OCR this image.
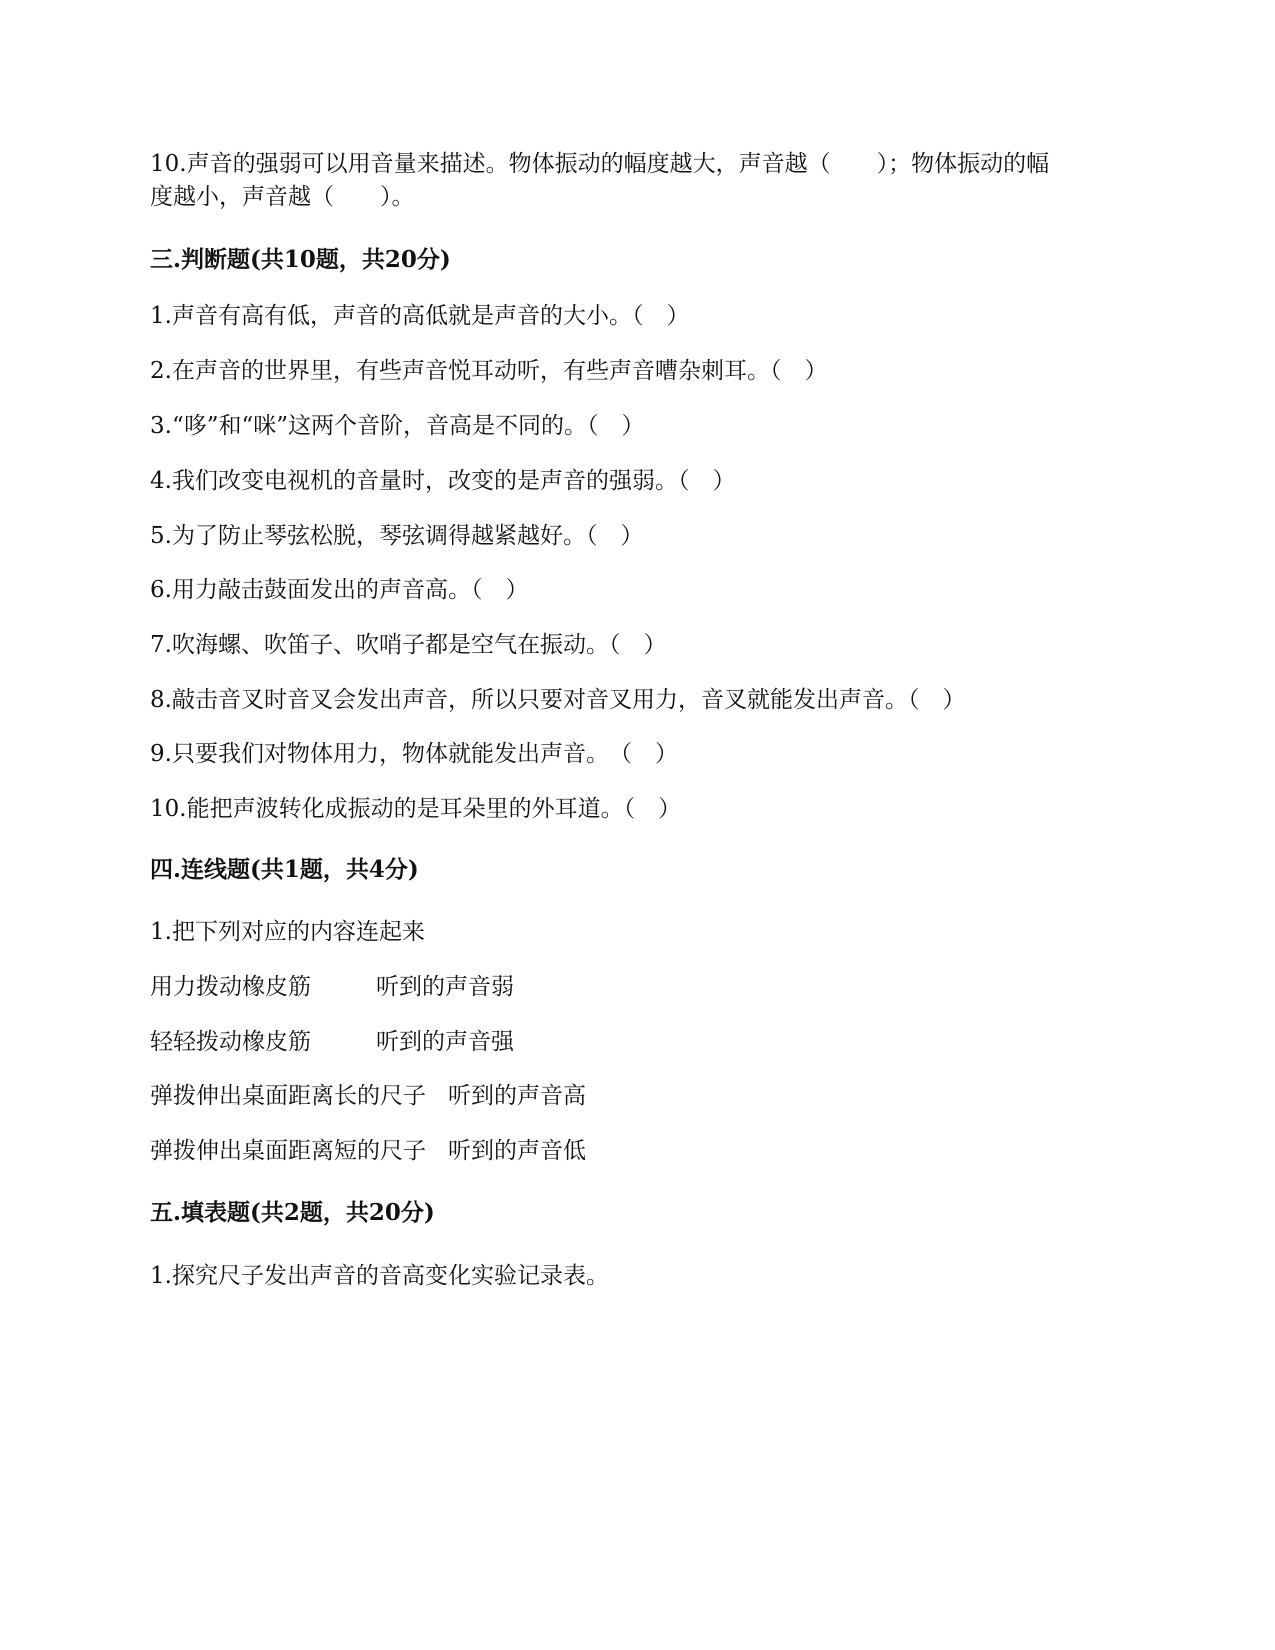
10.声音的强弱可以用音量来描述。物体振动的幅度越大，声音越（　　）；物体振动的幅
度越小，声音越（　　）。
三.判断题(共10题，共20分)
1.声音有高有低，声音的高低就是声音的大小。（　）
2.在声音的世界里，有些声音悦耳动听，有些声音嘈杂刺耳。（　）
3.“哆”和“咪”这两个音阶，音高是不同的。（　）
4.我们改变电视机的音量时，改变的是声音的强弱。（　）
5.为了防止琴弦松脱，琴弦调得越紧越好。（　）
6.用力敲击鼓面发出的声音高。（　）
7.吹海螺、吹笛子、吹哨子都是空气在振动。（　）
8.敲击音叉时音叉会发出声音，所以只要对音叉用力，音叉就能发出声音。（　）
9.只要我们对物体用力，物体就能发出声音。　（　）
10.能把声波转化成振动的是耳朵里的外耳道。（　）
四.连线题(共1题，共4分)
1.把下列对应的内容连起来
用力拨动橡皮筋	听到的声音弱
轻轻拨动橡皮筋	听到的声音强
弹拨伸出桌面距离长的尺子 听到的声音高
弹拨伸出桌面距离短的尺子 听到的声音低
五.填表题(共2题，共20分)
1.探究尺子发出声音的音高变化实验记录表。
